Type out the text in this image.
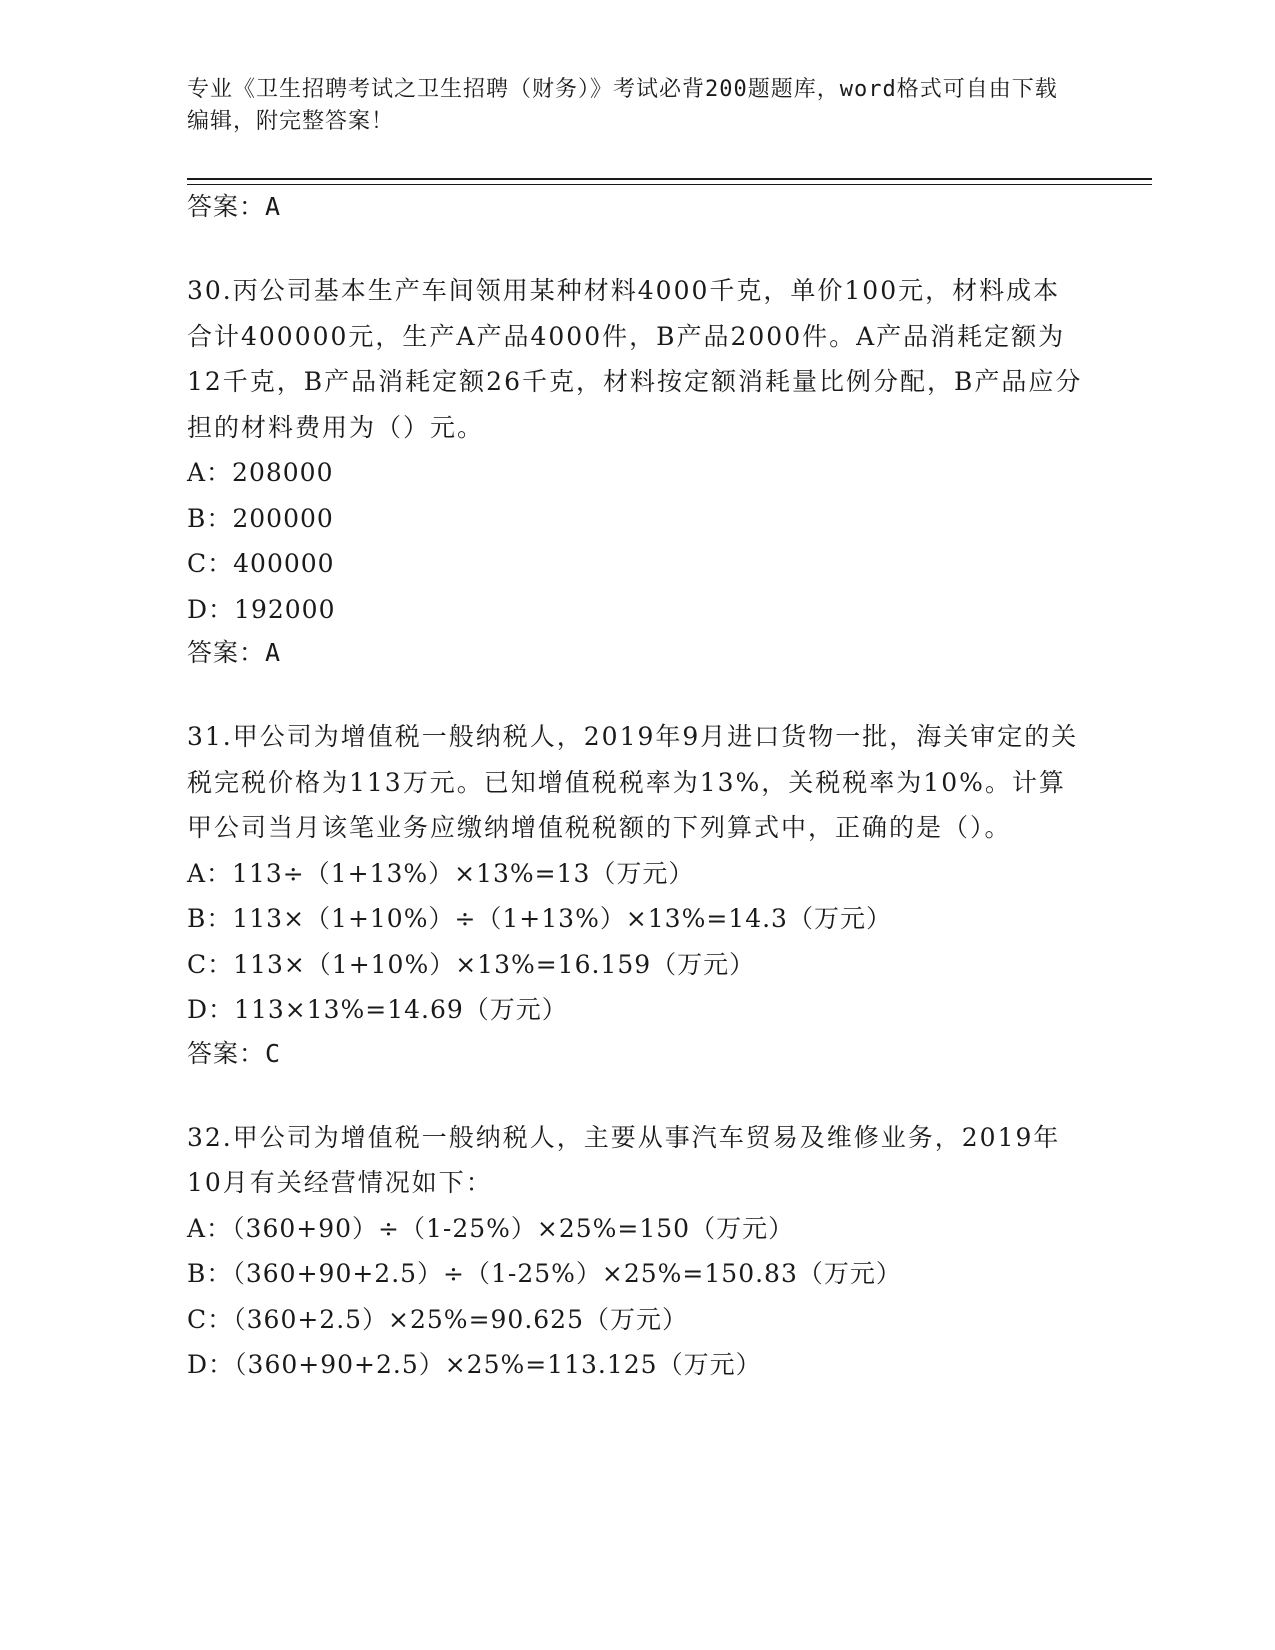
专业《卫生招聘考试之卫生招聘（财务）》考试必背200题题库，word格式可自由下载编辑，附完整答案！

答案：A

30.丙公司基本生产车间领用某种材料4000千克，单价100元，材料成本合计400000元，生产A产品4000件，B产品2000件。A产品消耗定额为12千克，B产品消耗定额26千克，材料按定额消耗量比例分配，B产品应分担的材料费用为（）元。

A：208000

B：200000

C：400000

D：192000

答案：A

31.甲公司为增值税一般纳税人，2019年9月进口货物一批，海关审定的关税完税价格为113万元。已知增值税税率为13%，关税税率为10%。计算甲公司当月该笔业务应缴纳增值税税额的下列算式中，正确的是（）。

A：113÷（1+13%）×13%=13（万元）

B：113×（1+10%）÷（1+13%）×13%=14.3（万元）

C：113×（1+10%）×13%=16.159（万元）

D：113×13%=14.69（万元）

答案：C

32.甲公司为增值税一般纳税人，主要从事汽车贸易及维修业务，2019年10月有关经营情况如下：

A：（360+90）÷（1-25%）×25%=150（万元）

B：（360+90+2.5）÷（1-25%）×25%=150.83（万元）

C：（360+2.5）×25%=90.625（万元）

D：（360+90+2.5）×25%=113.125（万元）
